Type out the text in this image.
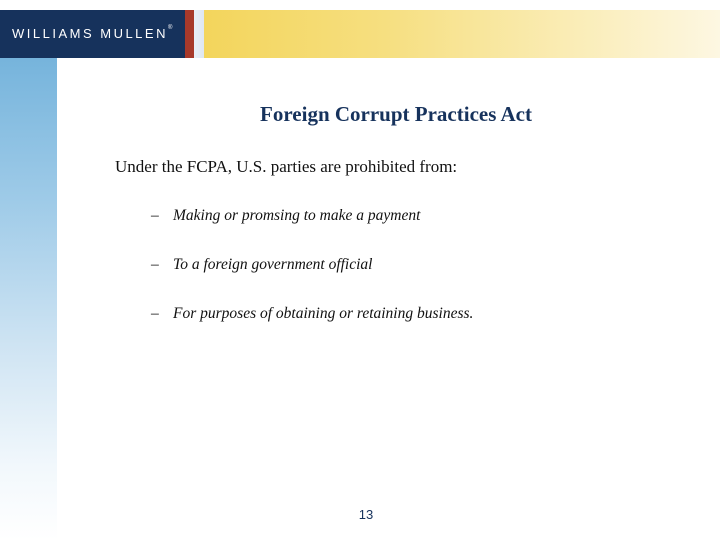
WILLIAMS MULLEN®
Foreign Corrupt Practices Act
Under the FCPA, U.S. parties are prohibited from:
– Making or promsing to make a payment
– To a foreign government official
– For purposes of obtaining or retaining business.
13
